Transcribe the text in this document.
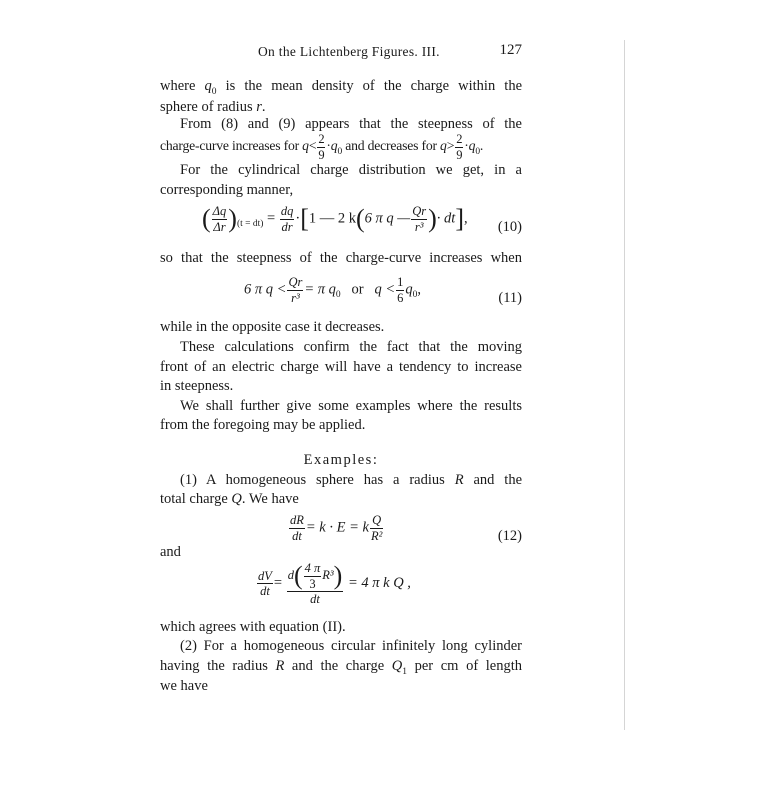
On the Lichtenberg Figures. III.	127
where $q_0$ is the mean density of the charge within the
sphere of radius r.
From (8) and (9) appears that the steepness of the
charge-curve increases for $q< \frac{2}{9} \cdot q_0$ and decreases for $q> \frac{2}{9} \cdot q_0$.
For the cylindrical charge distribution we get, in a
corresponding manner,
( $\frac{\Delta q}{\Delta r} )_{(t = dt)} = \frac{dq}{dr} \cdot[1$ — 2 k(6 π q — $\frac{Qr}{\text{r³}}$ )· dt],
(10)
so that the steepness of the charge-curve increases when
6 π $q < \frac{Qr}{\text{r³}} = \pi$ $q_0$ or $q < \frac{1}{6} q_0$,
(11)
while in the opposite case it decreases.
These calculations confirm the fact that the moving
front of an electric charge will have a tendency to increase
in steepness.
We shall further give some examples where the results
from the foregoing may be applied.
Examples:
(1) A homogeneous sphere has a radius R and the
total charge Q. We have
$\frac{dR}{dt} = k \cdot E = k \frac{Q}{\text{R²}}$	(12)
and
$\frac{dV}{dt} = \frac{d( \frac{4 \pi}{3} R^3)}{dt} = 4$ π k Q ,
which agrees with equation (II).
(2) For a homogeneous circular infinitely long cylinder
having the radius R and the charge $Q_1$ per cm of length
we have
